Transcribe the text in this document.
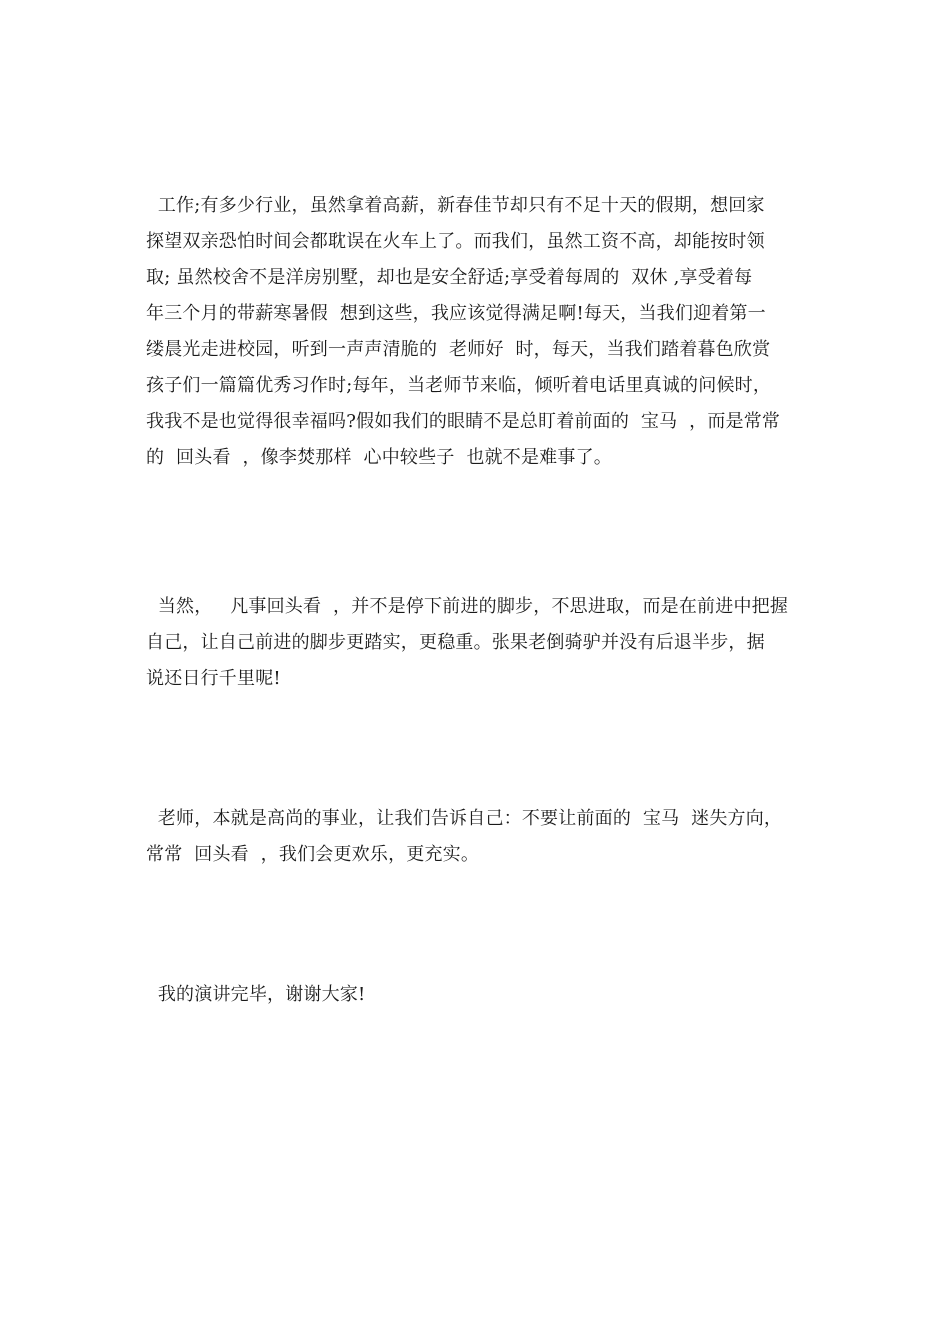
工作;有多少行业，虽然拿着高薪，新春佳节却只有不足十天的假期，想回家

探望双亲恐怕时间会都耽误在火车上了。而我们，虽然工资不高，却能按时领

取; 虽然校舍不是洋房别墅，却也是安全舒适;享受着每周的  双休 ,享受着每

年三个月的带薪寒暑假  想到这些，我应该觉得满足啊!每天，当我们迎着第一

缕晨光走进校园，听到一声声清脆的  老师好  时，每天，当我们踏着暮色欣赏

孩子们一篇篇优秀习作时;每年，当老师节来临，倾听着电话里真诚的问候时，

我我不是也觉得很幸福吗?假如我们的眼睛不是总盯着前面的  宝马  ，而是常常

的  回头看  ，像李焚那样  心中较些子  也就不是难事了。

当然，   凡事回头看  ，并不是停下前进的脚步，不思进取，而是在前进中把握

自己，让自己前进的脚步更踏实，更稳重。张果老倒骑驴并没有后退半步，据

说还日行千里呢!

老师，本就是高尚的事业，让我们告诉自己：不要让前面的  宝马  迷失方向，

常常  回头看  ，我们会更欢乐，更充实。

我的演讲完毕，谢谢大家!
